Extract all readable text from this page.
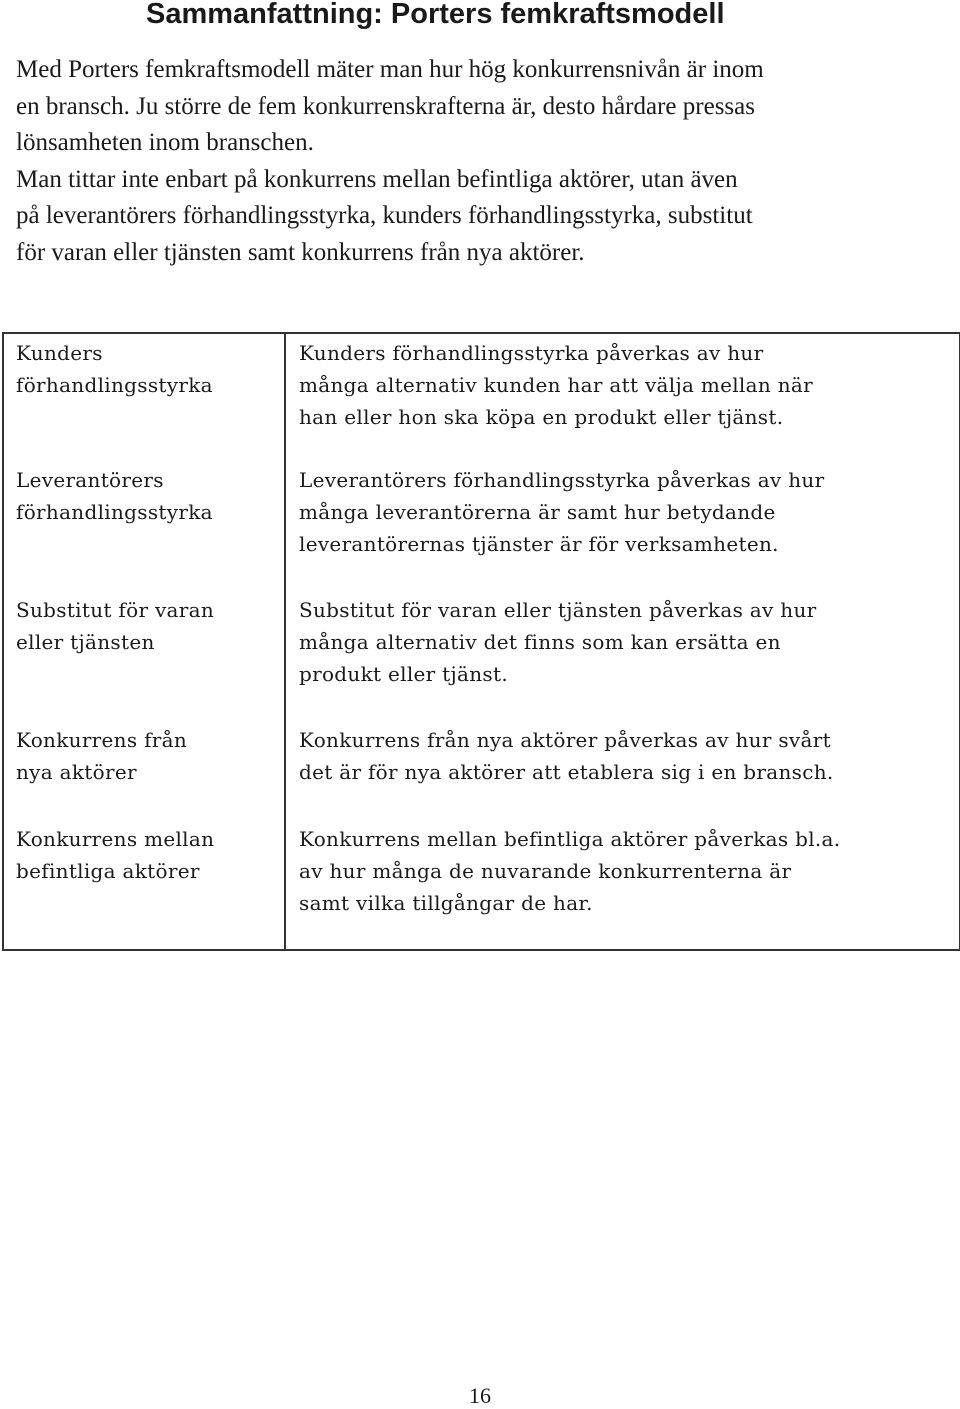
Sammanfattning: Porters femkraftsmodell

Med Porters femkraftsmodell mäter man hur hög konkurrensnivån är inom
en bransch. Ju större de fem konkurrenskrafterna är, desto hårdare pressas
lönsamheten inom branschen.

Man tittar inte enbart på konkurrens mellan befintliga aktörer, utan även
på leverantörers förhandlingsstyrka, kunders förhandlingsstyrka, substitut
för varan eller tjänsten samt konkurrens från nya aktörer.

Kunders
förhandlingsstyrka	Kunders förhandlingsstyrka påverkas av hur
många alternativ kunden har att välja mellan när
han eller hon ska köpa en produkt eller tjänst.
Leverantörers
förhandlingsstyrka	Leverantörers förhandlingsstyrka påverkas av hur
många leverantörerna är samt hur betydande
leverantörernas tjänster är för verksamheten.
Substitut för varan
eller tjänsten	Substitut för varan eller tjänsten påverkas av hur
många alternativ det finns som kan ersätta en
produkt eller tjänst.
Konkurrens från
nya aktörer	Konkurrens från nya aktörer påverkas av hur svårt
det är för nya aktörer att etablera sig i en bransch.
Konkurrens mellan
befintliga aktörer	Konkurrens mellan befintliga aktörer påverkas bl.a.
av hur många de nuvarande konkurrenterna är
samt vilka tillgångar de har.
16
